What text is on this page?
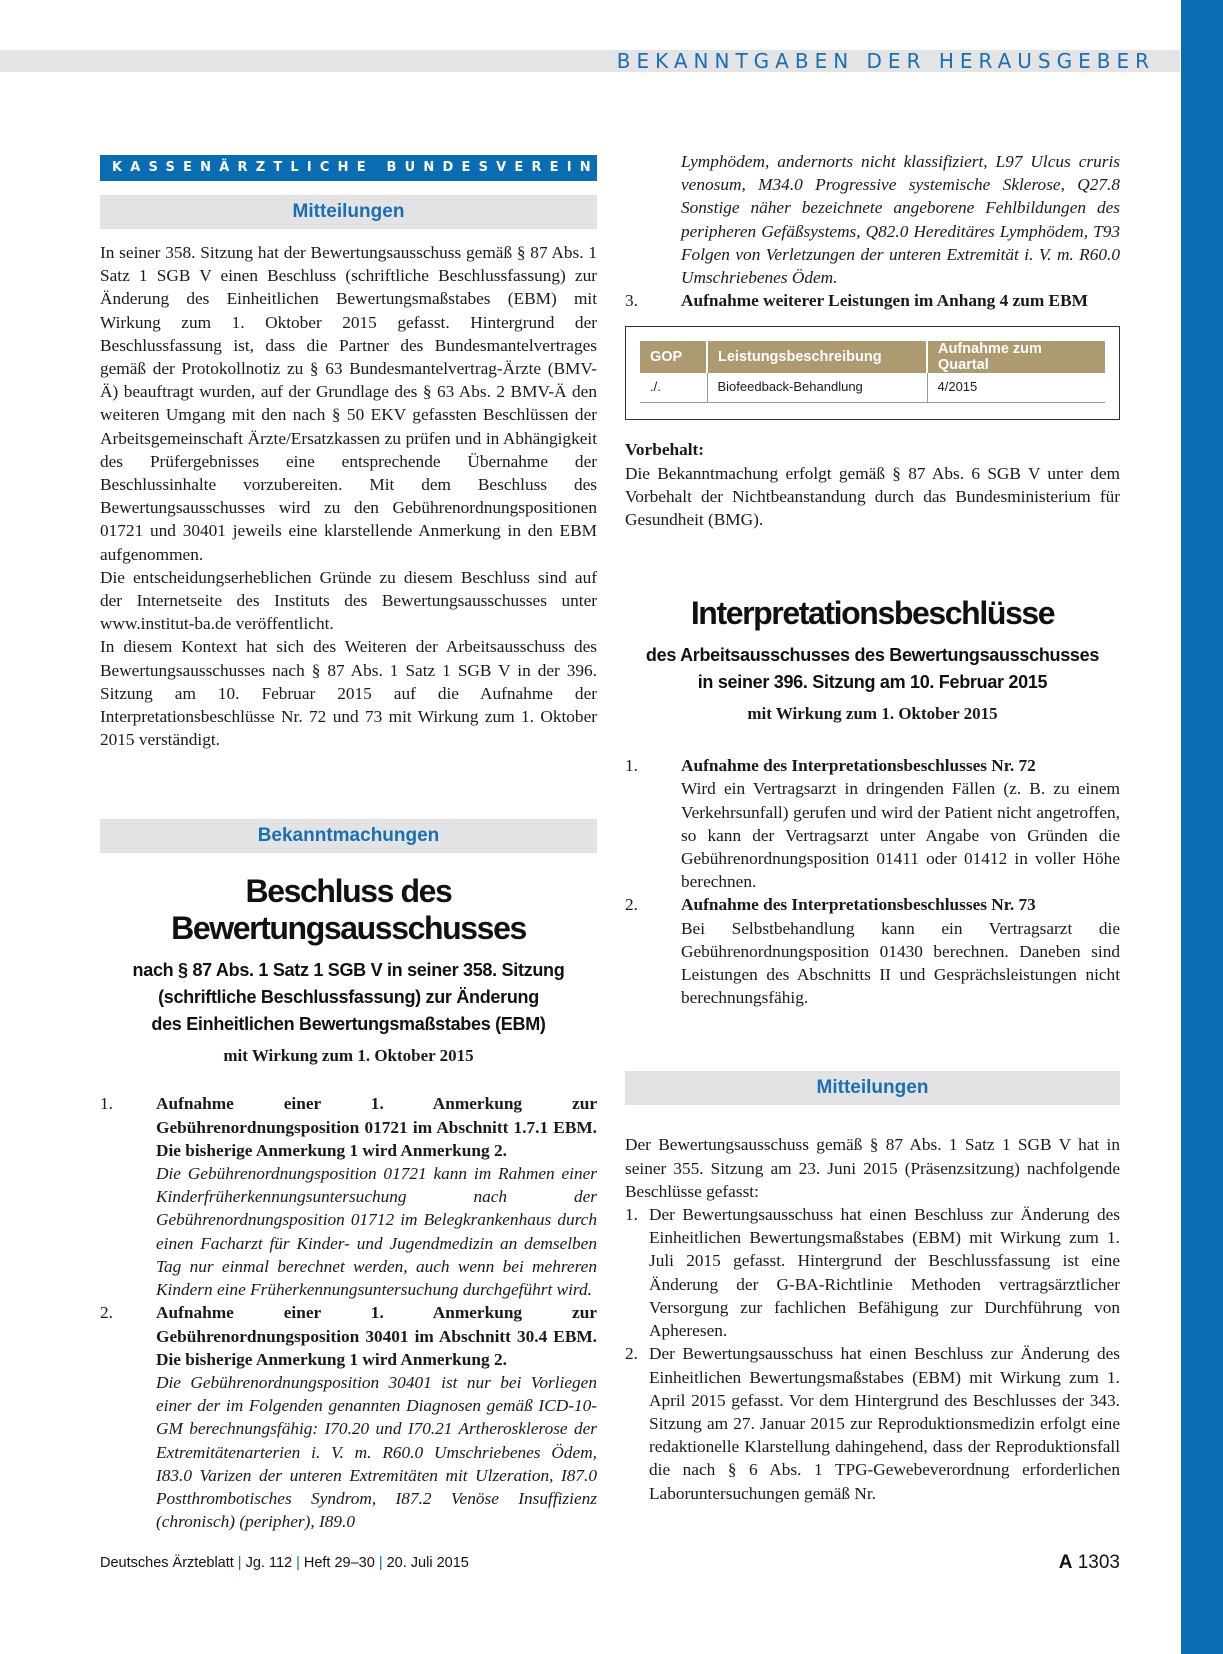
BEKANNTGABEN DER HERAUSGEBER
KASSENÄRZTLICHE BUNDESVEREINIGUNG
Mitteilungen

In seiner 358. Sitzung hat der Bewertungsausschuss gemäß § 87 Abs. 1 Satz 1 SGB V einen Beschluss (schriftliche Beschlussfassung) zur Änderung des Einheitlichen Bewertungsmaßstabes (EBM) mit Wirkung zum 1. Oktober 2015 gefasst. Hintergrund der Beschlussfassung ist, dass die Partner des Bundesmantelvertrages gemäß der Protokollnotiz zu § 63 Bundesmantelvertrag-Ärzte (BMV-Ä) beauftragt wurden, auf der Grundlage des § 63 Abs. 2 BMV-Ä den weiteren Umgang mit den nach § 50 EKV gefassten Beschlüssen der Arbeitsgemeinschaft Ärzte/Ersatzkassen zu prüfen und in Abhängigkeit des Prüfergebnisses eine entsprechende Übernahme der Beschlussinhalte vorzubereiten. Mit dem Beschluss des Bewertungsausschusses wird zu den Gebührenordnungspositionen 01721 und 30401 jeweils eine klarstellende Anmerkung in den EBM aufgenommen.

Die entscheidungserheblichen Gründe zu diesem Beschluss sind auf der Internetseite des Instituts des Bewertungsausschusses unter www.institut-ba.de veröffentlicht.

In diesem Kontext hat sich des Weiteren der Arbeitsausschuss des Bewertungsausschusses nach § 87 Abs. 1 Satz 1 SGB V in der 396. Sitzung am 10. Februar 2015 auf die Aufnahme der Interpretationsbeschlüsse Nr. 72 und 73 mit Wirkung zum 1. Oktober 2015 verständigt.

Bekanntmachungen
Beschluss des Bewertungsausschusses
nach § 87 Abs. 1 Satz 1 SGB V in seiner 358. Sitzung
(schriftliche Beschlussfassung) zur Änderung
des Einheitlichen Bewertungsmaßstabes (EBM)
mit Wirkung zum 1. Oktober 2015
1. Aufnahme einer 1. Anmerkung zur Gebührenordnungsposition 01721 im Abschnitt 1.7.1 EBM. Die bisherige Anmerkung 1 wird Anmerkung 2.
Die Gebührenordnungsposition 01721 kann im Rahmen einer Kinderfrüherkennungsuntersuchung nach der Gebührenordnungsposition 01712 im Belegkrankenhaus durch einen Facharzt für Kinder- und Jugendmedizin an demselben Tag nur einmal berechnet werden, auch wenn bei mehreren Kindern eine Früherkennungsuntersuchung durchgeführt wird.
2. Aufnahme einer 1. Anmerkung zur Gebührenordnungsposition 30401 im Abschnitt 30.4 EBM. Die bisherige Anmerkung 1 wird Anmerkung 2.
Die Gebührenordnungsposition 30401 ist nur bei Vorliegen einer der im Folgenden genannten Diagnosen gemäß ICD-10-GM berechnungsfähig: I70.20 und I70.21 Artherosklerose der Extremitätenarterien i. V. m. R60.0 Umschriebenes Ödem, I83.0 Varizen der unteren Extremitäten mit Ulzeration, I87.0 Postthrombotisches Syndrom, I87.2 Venöse Insuffizienz (chronisch) (peripher), I89.0
Lymphödem, andernorts nicht klassifiziert, L97 Ulcus cruris venosum, M34.0 Progressive systemische Sklerose, Q27.8 Sonstige näher bezeichnete angeborene Fehlbildungen des peripheren Gefäßsystems, Q82.0 Hereditäres Lymphödem, T93 Folgen von Verletzungen der unteren Extremität i. V. m. R60.0 Umschriebenes Ödem.
3. Aufnahme weiterer Leistungen im Anhang 4 zum EBM
GOP	Leistungsbeschreibung	Aufnahme zum Quartal
./.	Biofeedback-Behandlung	4/2015
Vorbehalt:
Die Bekanntmachung erfolgt gemäß § 87 Abs. 6 SGB V unter dem Vorbehalt der Nichtbeanstandung durch das Bundesministerium für Gesundheit (BMG).
Interpretationsbeschlüsse
des Arbeitsausschusses des Bewertungsausschusses
in seiner 396. Sitzung am 10. Februar 2015
mit Wirkung zum 1. Oktober 2015
1. Aufnahme des Interpretationsbeschlusses Nr. 72
Wird ein Vertragsarzt in dringenden Fällen (z. B. zu einem Verkehrsunfall) gerufen und wird der Patient nicht angetroffen, so kann der Vertragsarzt unter Angabe von Gründen die Gebührenordnungsposition 01411 oder 01412 in voller Höhe berechnen.
2. Aufnahme des Interpretationsbeschlusses Nr. 73
Bei Selbstbehandlung kann ein Vertragsarzt die Gebührenordnungsposition 01430 berechnen. Daneben sind Leistungen des Abschnitts II und Gesprächsleistungen nicht berechnungsfähig.
Mitteilungen
Der Bewertungsausschuss gemäß § 87 Abs. 1 Satz 1 SGB V hat in seiner 355. Sitzung am 23. Juni 2015 (Präsenzsitzung) nachfolgende Beschlüsse gefasst:
1. Der Bewertungsausschuss hat einen Beschluss zur Änderung des Einheitlichen Bewertungsmaßstabes (EBM) mit Wirkung zum 1. Juli 2015 gefasst. Hintergrund der Beschlussfassung ist eine Änderung der G-BA-Richtlinie Methoden vertragsärztlicher Versorgung zur fachlichen Befähigung zur Durchführung von Apheresen.
2. Der Bewertungsausschuss hat einen Beschluss zur Änderung des Einheitlichen Bewertungsmaßstabes (EBM) mit Wirkung zum 1. April 2015 gefasst. Vor dem Hintergrund des Beschlusses der 343. Sitzung am 27. Januar 2015 zur Reproduktionsmedizin erfolgt eine redaktionelle Klarstellung dahingehend, dass der Reproduktionsfall die nach § 6 Abs. 1 TPG-Gewebeverordnung erforderlichen Laboruntersuchungen gemäß Nr.
Deutsches Ärzteblatt | Jg. 112 | Heft 29–30 | 20. Juli 2015	A 1303
